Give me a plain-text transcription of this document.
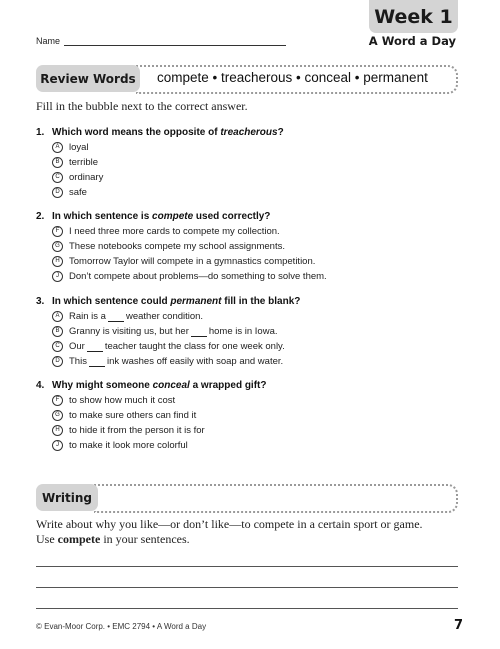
Week 1
A Word a Day
Name
Review Words	compete • treacherous • conceal • permanent
Fill in the bubble next to the correct answer.
1. Which word means the opposite of treacherous?
A	loyal
B	terrible
C ordinary
D safe
2. In which sentence is compete used correctly?
F	I need three more cards to compete my collection.
G These notebooks compete my school assignments.
H Tomorrow Taylor will compete in a gymnastics competition.
J	Don’t compete about problems—do something to solve them.
3. In which sentence could permanent fill in the blank?
A	Rain is a weather condition.
B	Granny is visiting us, but her home is in Iowa.
C Our teacher taught the class for one week only.
D This ink washes off easily with soap and water.
4. Why might someone conceal a wrapped gift?
F	to show how much it cost
G to make sure others can find it
H to hide it from the person it is for
J	to make it look more colorful
Writing
Write about why you like—or don’t like—to compete in a certain sport or game.
Use compete in your sentences.
© Evan-Moor Corp. • EMC 2794 • A Word a Day	7
